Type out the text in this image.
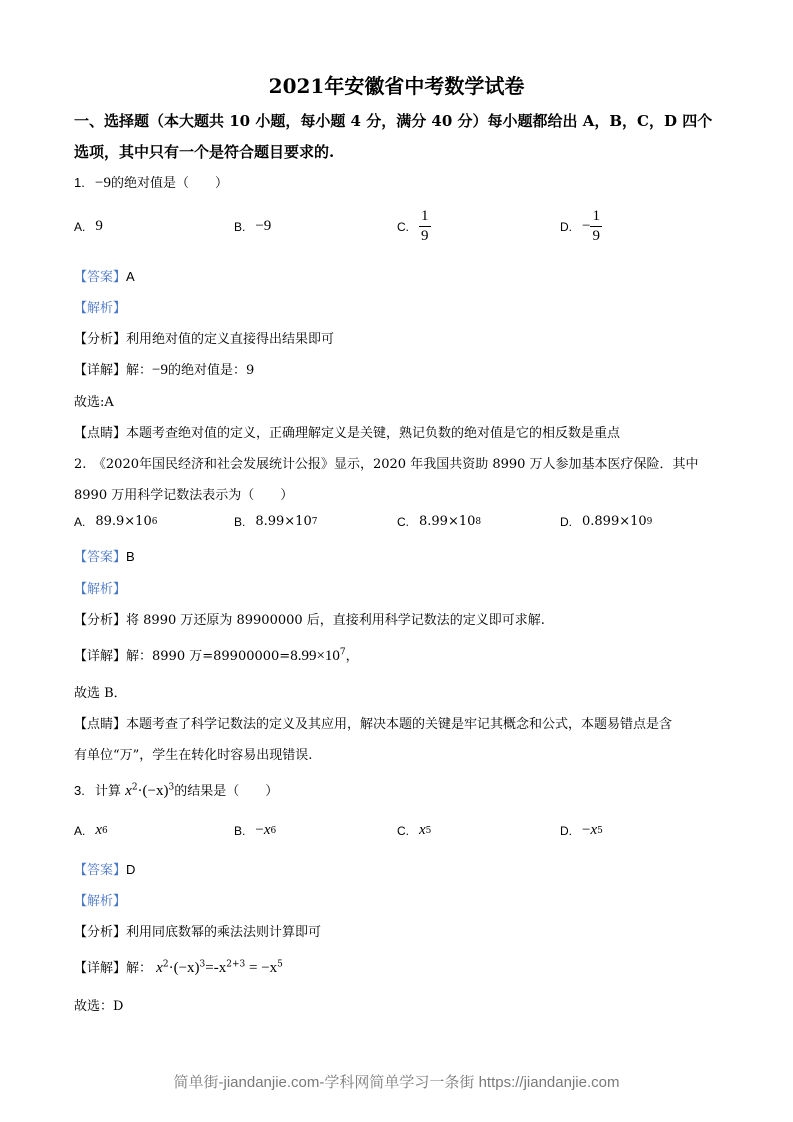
2021年安徽省中考数学试卷
一、选择题（本大题共 10 小题，每小题 4 分，满分 40 分）每小题都给出 A，B，C，D 四个
选项，其中只有一个是符合题目要求的.
1. −9的绝对值是（　　）
A. 9	B. −9	C. $\frac{1}{9}$	D. − $\frac{1}{9}$
【答案】A
【解析】
【分析】利用绝对值的定义直接得出结果即可
【详解】解：−9的绝对值是：9
故选:A
【点睛】本题考查绝对值的定义，正确理解定义是关键，熟记负数的绝对值是它的相反数是重点
2.　《2020年国民经济和社会发展统计公报》显示，2020 年我国共资助 8990 万人参加基本医疗保险．其中
8990 万用科学记数法表示为（　　）
A. 89.9×10 6	B. 8.99×10 7	C. 8.99×10 8	D. 0.899×10 9
【答案】B
【解析】
【分析】将 8990 万还原为 89900000 后，直接利用科学记数法的定义即可求解.
【详解】解：8990 万$=89900000=8.99\times 10^7$，
故选 B．
【点睛】本题考查了科学记数法的定义及其应用，解决本题的关键是牢记其概念和公式，本题易错点是含
有单位“万”，学生在转化时容易出现错误.
3. 计算 $x^2\cdot(-x)^3$的结果是（　　）
A. x 6	B. − x 6	C. x 5	D. − x 5
【答案】D
【解析】
【分析】利用同底数幂的乘法法则计算即可
【详解】解： $x^2\cdot(-x)^3=-x^{2+3} = -x^5$
故选：D
简单街-jiandanjie.com-学科网简单学习一条街 https://jiandanjie.com
